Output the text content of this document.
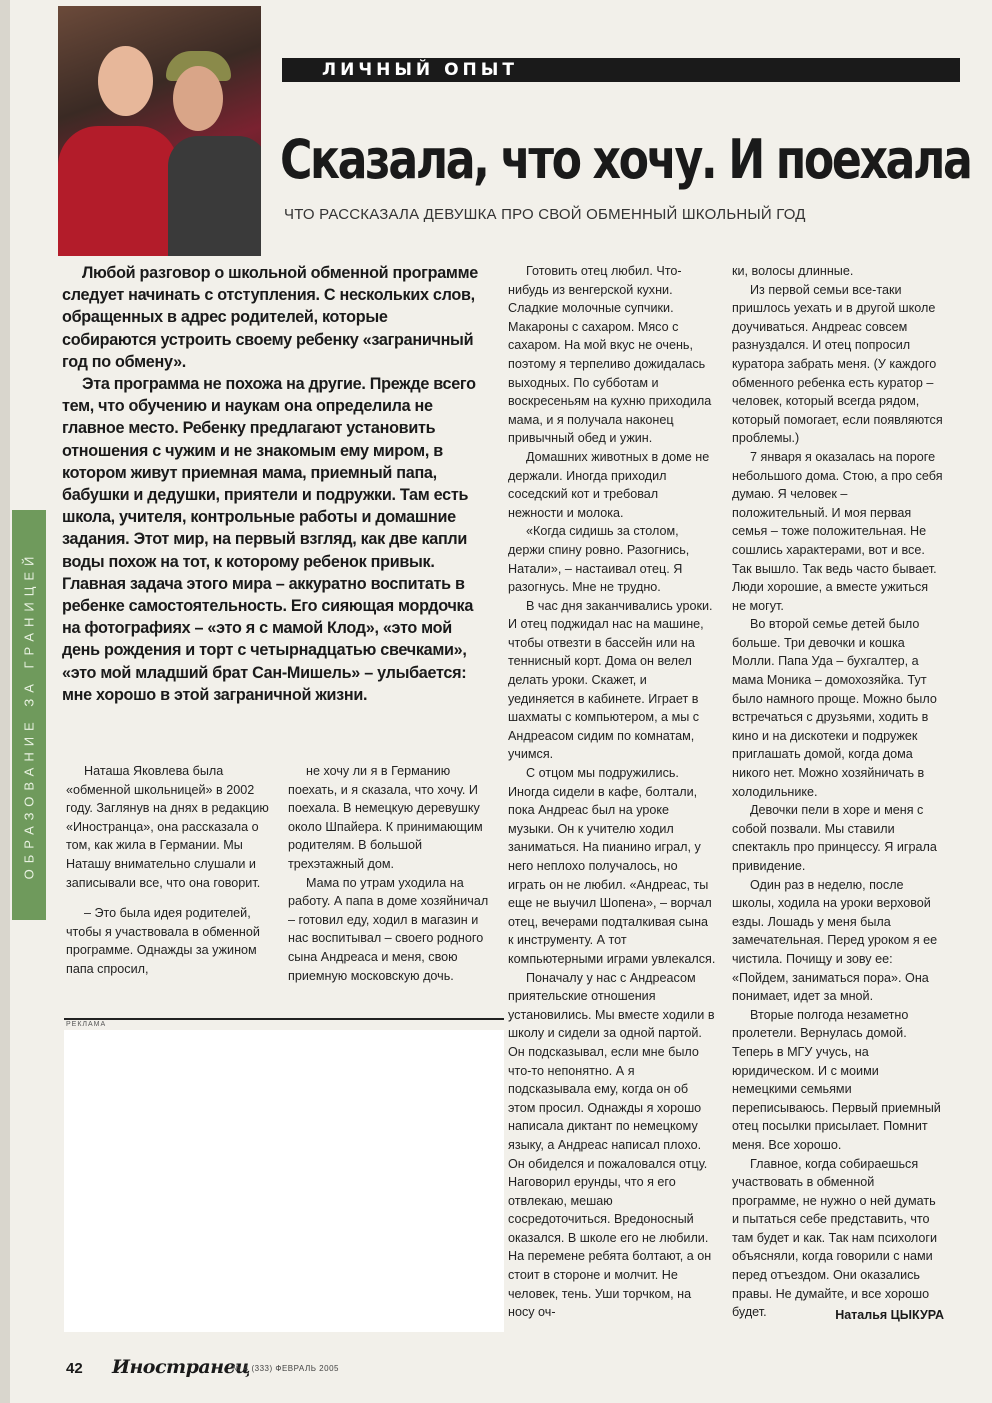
ЛИЧНЫЙ ОПЫТ
Сказала, что хочу. И поехала
ЧТО РАССКАЗАЛА ДЕВУШКА ПРО СВОЙ ОБМЕННЫЙ ШКОЛЬНЫЙ ГОД
ОБРАЗОВАНИЕ ЗА ГРАНИЦЕЙ

Любой разговор о школьной обменной программе следует начинать с отступления. С нескольких слов, обращенных в адрес родителей, которые собираются устроить своему ребенку «заграничный год по обмену».

Эта программа не похожа на другие. Прежде всего тем, что обучению и наукам она определила не главное место. Ребенку предлагают установить отношения с чужим и не знакомым ему миром, в котором живут приемная мама, приемный папа, бабушки и дедушки, приятели и подружки. Там есть школа, учителя, контрольные работы и домашние задания. Этот мир, на первый взгляд, как две капли воды похож на тот, к которому ребенок привык. Главная задача этого мира – аккуратно воспитать в ребенке самостоятельность. Его сияющая мордочка на фотографиях – «это я с мамой Клод», «это мой день рождения и торт с четырнадцатью свечками», «это мой младший брат Сан-Мишель» – улыбается: мне хорошо в этой заграничной жизни.

Наташа Яковлева была «обменной школьницей» в 2002 году. Заглянув на днях в редакцию «Иностранца», она рассказала о том, как жила в Германии. Мы Наташу внимательно слушали и записывали все, что она говорит.

– Это была идея родителей, чтобы я участвовала в обменной программе. Однажды за ужином папа спросил,

не хочу ли я в Германию поехать, и я сказала, что хочу. И поехала. В немецкую деревушку около Шпайера. К принимающим родителям. В большой трехэтажный дом.

Мама по утрам уходила на работу. А папа в доме хозяйничал – готовил еду, ходил в магазин и нас воспитывал – своего родного сына Андреаса и меня, свою приемную московскую дочь.

Готовить отец любил. Что-нибудь из венгерской кухни. Сладкие молочные супчики. Макароны с сахаром. Мясо с сахаром. На мой вкус не очень, поэтому я терпеливо дожидалась выходных. По субботам и воскресеньям на кухню приходила мама, и я получала наконец привычный обед и ужин.

Домашних животных в доме не держали. Иногда приходил соседский кот и требовал нежности и молока.

«Когда сидишь за столом, держи спину ровно. Разогнись, Натали», – настаивал отец. Я разогнусь. Мне не трудно.

В час дня заканчивались уроки. И отец поджидал нас на машине, чтобы отвезти в бассейн или на теннисный корт. Дома он велел делать уроки. Скажет, и уединяется в кабинете. Играет в шахматы с компьютером, а мы с Андреасом сидим по комнатам, учимся.

С отцом мы подружились. Иногда сидели в кафе, болтали, пока Андреас был на уроке музыки. Он к учителю ходил заниматься. На пианино играл, у него неплохо получалось, но играть он не любил. «Андреас, ты еще не выучил Шопена», – ворчал отец, вечерами подталкивая сына к инструменту. А тот компьютерными играми увлекался.

Поначалу у нас с Андреасом приятельские отношения установились. Мы вместе ходили в школу и сидели за одной партой. Он подсказывал, если мне было что-то непонятно. А я подсказывала ему, когда он об этом просил. Однажды я хорошо написала диктант по немецкому языку, а Андреас написал плохо. Он обиделся и пожаловался отцу. Наговорил ерунды, что я его отвлекаю, мешаю сосредоточиться. Вредоносный оказался. В школе его не любили. На перемене ребята болтают, а он стоит в стороне и молчит. Не человек, тень. Уши торчком, на носу оч-

ки, волосы длинные.

Из первой семьи все-таки пришлось уехать и в другой школе доучиваться. Андреас совсем разнуздался. И отец попросил куратора забрать меня. (У каждого обменного ребенка есть куратор – человек, который всегда рядом, который помогает, если появляются проблемы.)

7 января я оказалась на пороге небольшого дома. Стою, а про себя думаю. Я человек – положительный. И моя первая семья – тоже положительная. Не сошлись характерами, вот и все. Так вышло. Так ведь часто бывает. Люди хорошие, а вместе ужиться не могут.

Во второй семье детей было больше. Три девочки и кошка Молли. Папа Уда – бухгалтер, а мама Моника – домохозяйка. Тут было намного проще. Можно было встречаться с друзьями, ходить в кино и на дискотеки и подружек приглашать домой, когда дома никого нет. Можно хозяйничать в холодильнике.

Девочки пели в хоре и меня с собой позвали. Мы ставили спектакль про принцессу. Я играла привидение.

Один раз в неделю, после школы, ходила на уроки верховой езды. Лошадь у меня была замечательная. Перед уроком я ее чистила. Почищу и зову ее: «Пойдем, заниматься пора». Она понимает, идет за мной.

Вторые полгода незаметно пролетели. Вернулась домой. Теперь в МГУ учусь, на юридическом. И с моими немецкими семьями переписываюсь. Первый приемный отец посылки присылает. Помнит меня. Все хорошо.

Главное, когда собираешься участвовать в обменной программе, не нужно о ней думать и пытаться себе представить, что там будет и как. Так нам психологи объясняли, когда говорили с нами перед отъездом. Они оказались правы. Не думайте, и все хорошо будет.	Наталья ЦЫКУРА
РЕКЛАМА
42 Иностранец
№ 4 (333) ФЕВРАЛЬ 2005
